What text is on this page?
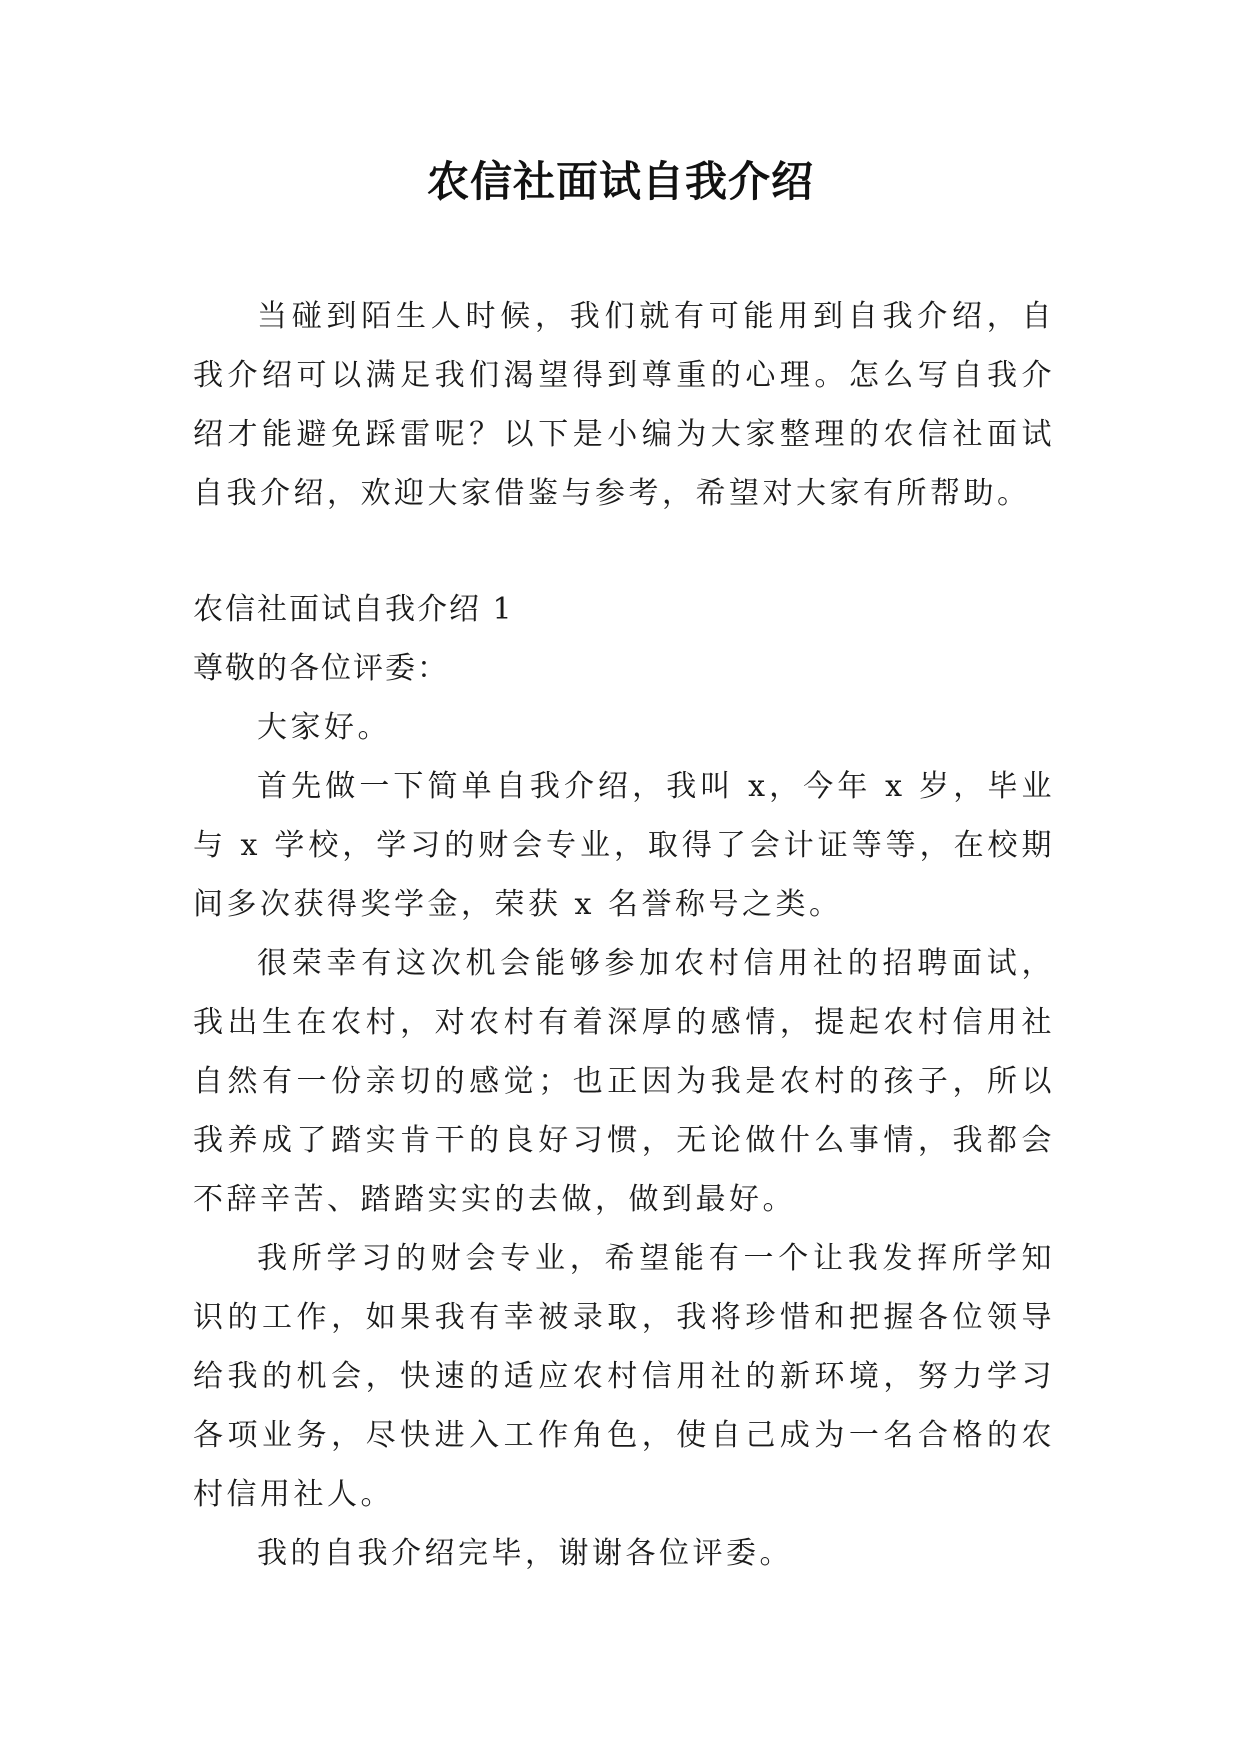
农信社面试自我介绍

当碰到陌生人时候，我们就有可能用到自我介绍，自我介绍可以满足我们渴望得到尊重的心理。怎么写自我介绍才能避免踩雷呢？以下是小编为大家整理的农信社面试自我介绍，欢迎大家借鉴与参考，希望对大家有所帮助。

农信社面试自我介绍 1

尊敬的各位评委：

大家好。

首先做一下简单自我介绍，我叫 x，今年 x 岁，毕业与 x 学校，学习的财会专业，取得了会计证等等，在校期间多次获得奖学金，荣获 x 名誉称号之类。

很荣幸有这次机会能够参加农村信用社的招聘面试，我出生在农村，对农村有着深厚的感情，提起农村信用社自然有一份亲切的感觉；也正因为我是农村的孩子，所以我养成了踏实肯干的良好习惯，无论做什么事情，我都会不辞辛苦、踏踏实实的去做，做到最好。

我所学习的财会专业，希望能有一个让我发挥所学知识的工作，如果我有幸被录取，我将珍惜和把握各位领导给我的机会，快速的适应农村信用社的新环境，努力学习各项业务，尽快进入工作角色，使自己成为一名合格的农村信用社人。

我的自我介绍完毕，谢谢各位评委。
